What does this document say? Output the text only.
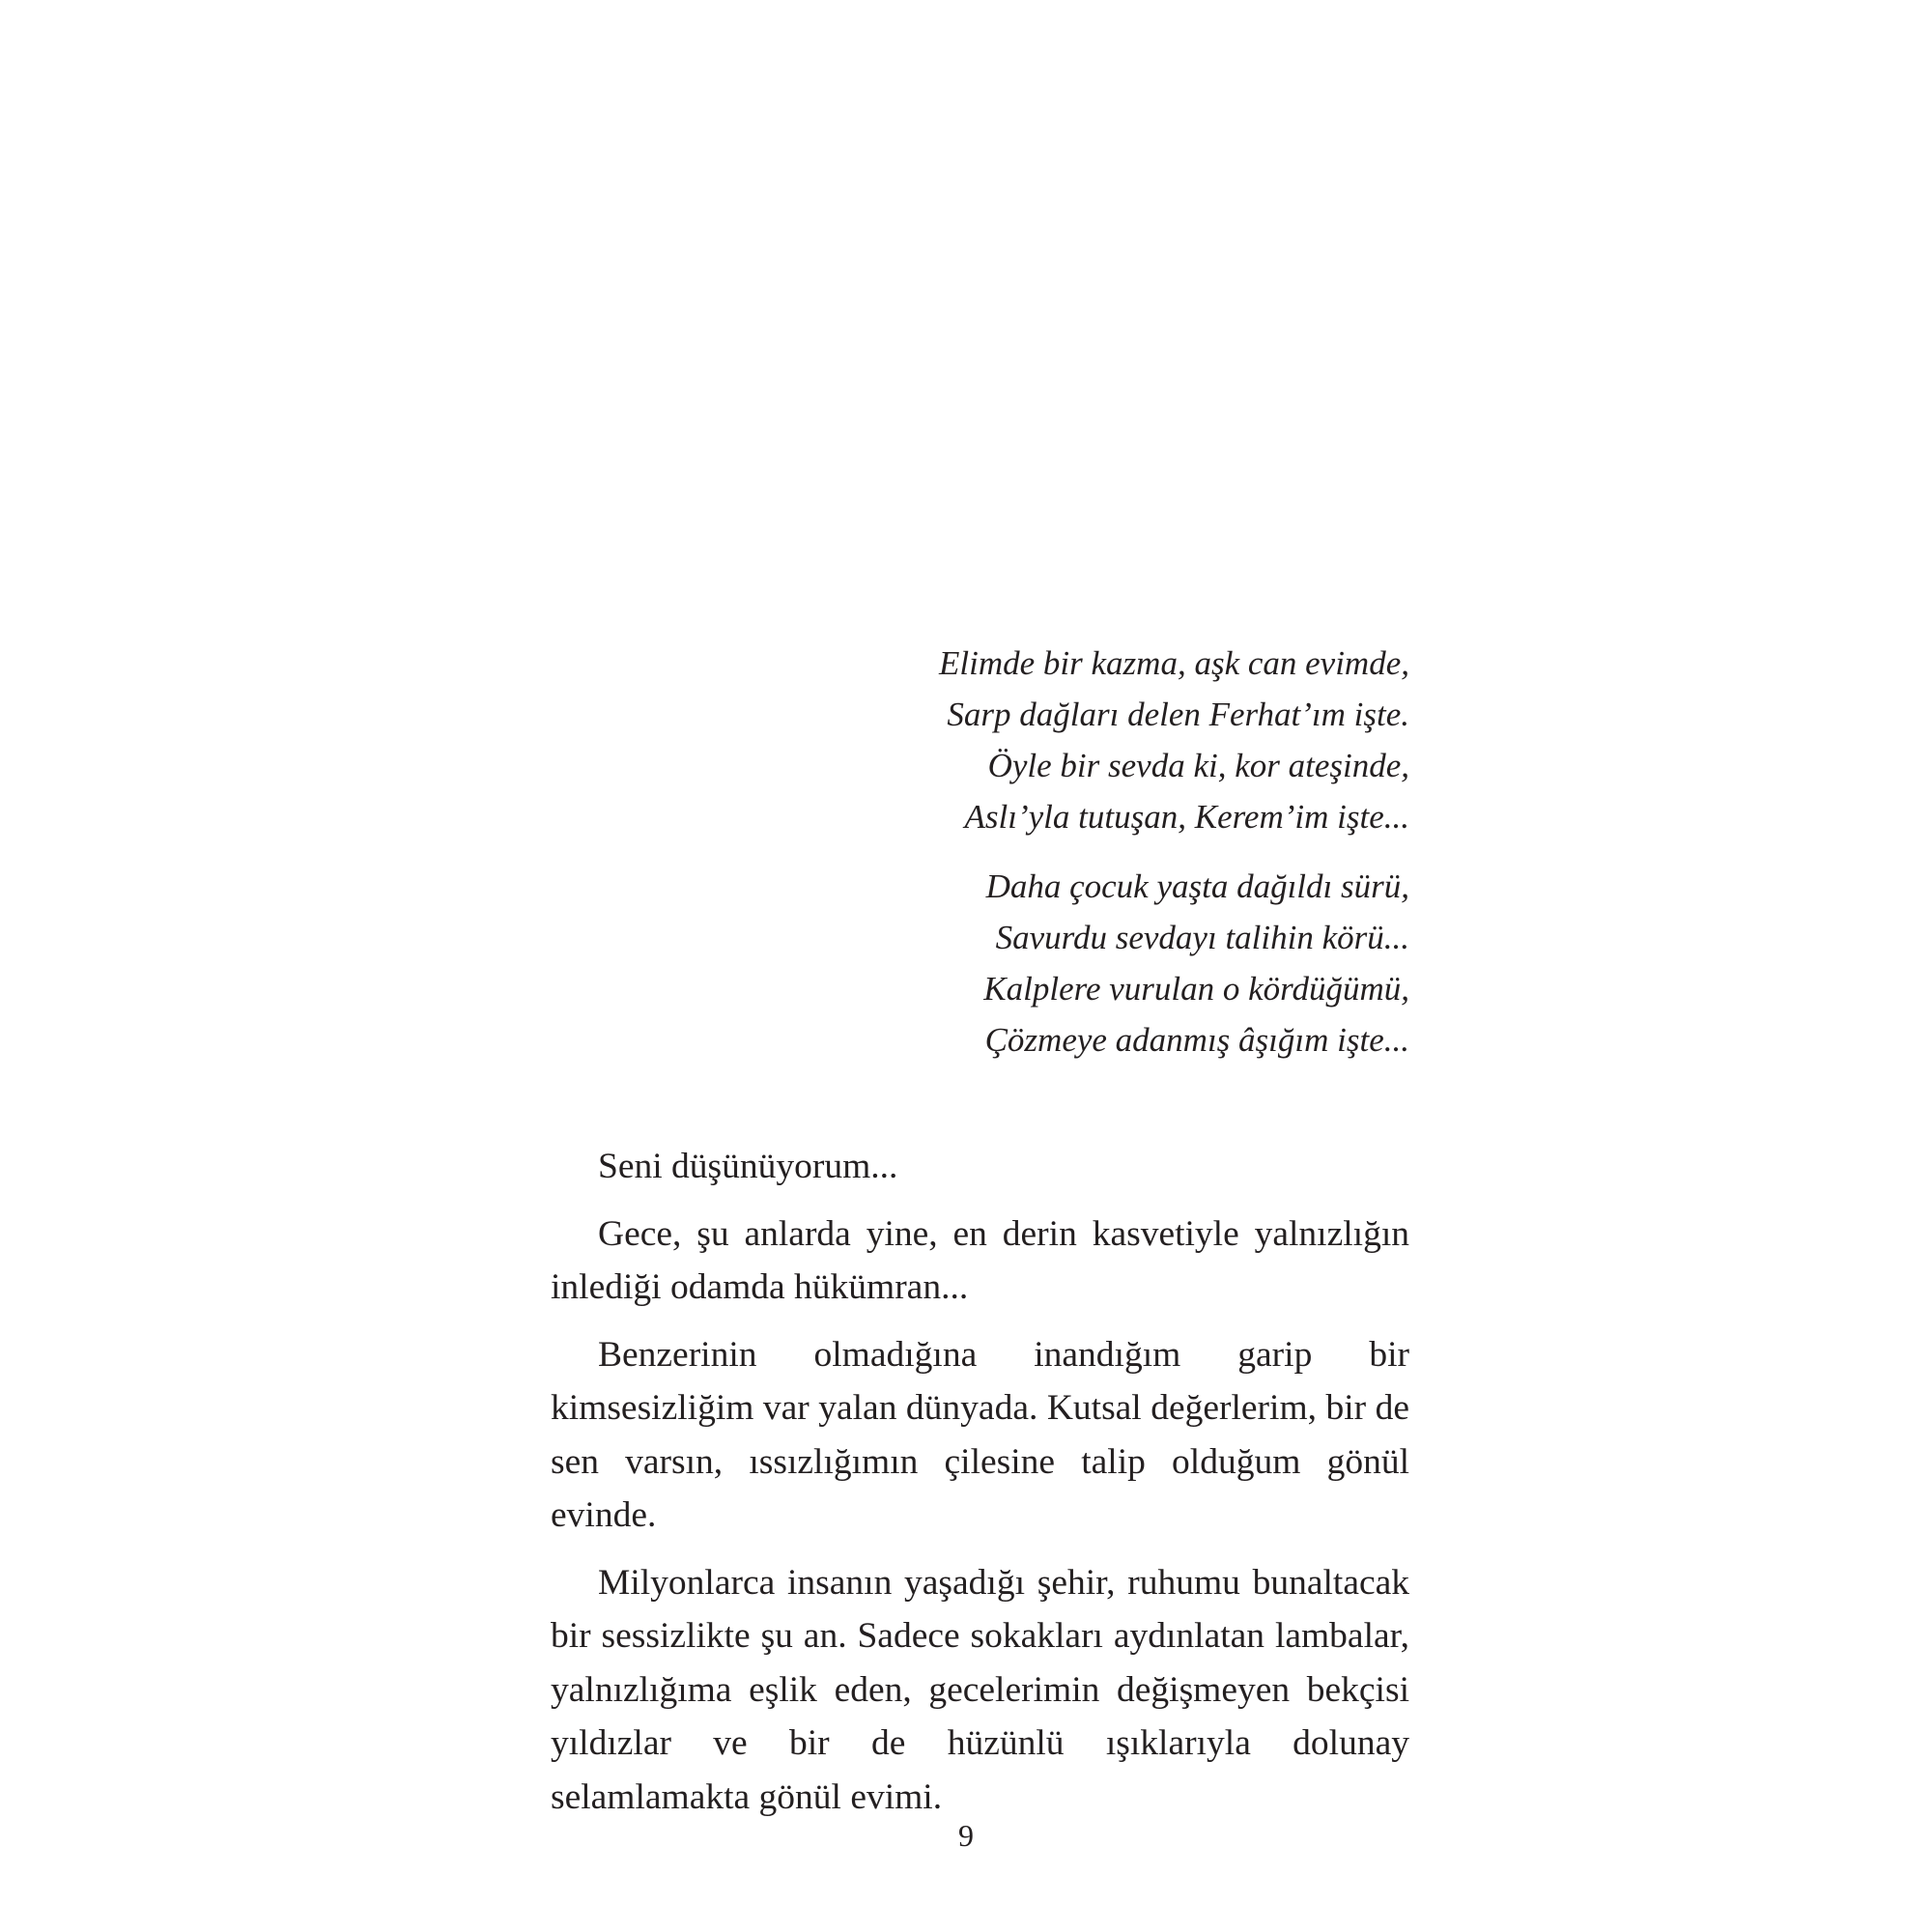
Elimde bir kazma, aşk can evimde,
Sarp dağları delen Ferhat’ım işte.
Öyle bir sevda ki, kor ateşinde,
Aslı’yla tutuşan, Kerem’im işte...
Daha çocuk yaşta dağıldı sürü,
Savurdu sevdayı talihin körü...
Kalplere vurulan o kördüğümü,
Çözmeye adanmış âşığım işte...

Seni düşünüyorum...

Gece, şu anlarda yine, en derin kasvetiyle yalnızlığın inlediği odamda hükümran...

Benzerinin olmadığına inandığım garip bir kimsesizliğim var yalan dünyada. Kutsal değerlerim, bir de sen varsın, ıssızlığımın çilesine talip olduğum gönül evinde.

Milyonlarca insanın yaşadığı şehir, ruhumu bunaltacak bir sessizlikte şu an. Sadece sokakları aydınlatan lambalar, yalnızlığıma eşlik eden, gecelerimin değişmeyen bekçisi yıldızlar ve bir de hüzünlü ışıklarıyla dolunay selamlamakta gönül evimi.

9
